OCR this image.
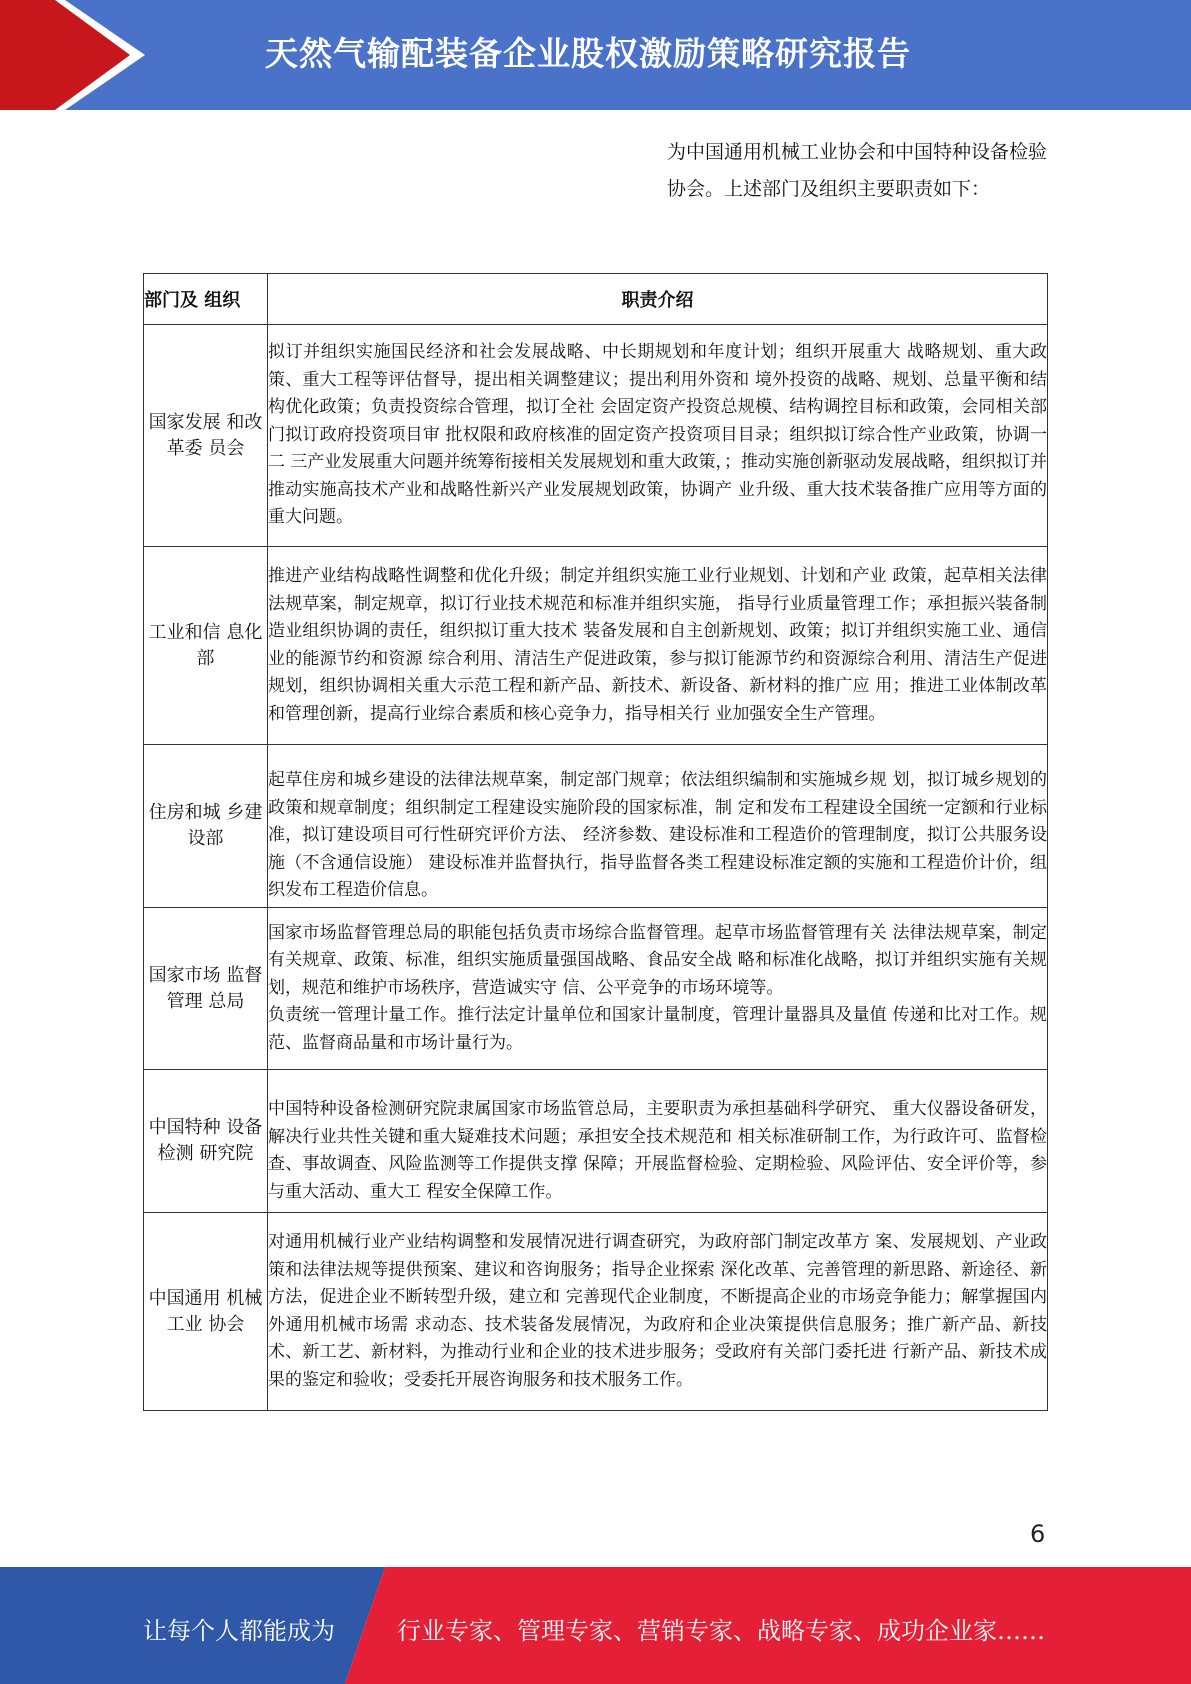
天然气输配装备企业股权激励策略研究报告
为中国通用机械工业协会和中国特种设备检验协会。上述部门及组织主要职责如下：
部门及 组织	职责介绍
国家发展 和改革委 员会	拟订并组织实施国民经济和社会发展战略、中长期规划和年度计划；组织开展重大 战略规划、重大政策、重大工程等评估督导，提出相关调整建议；提出利用外资和 境外投资的战略、规划、总量平衡和结构优化政策；负责投资综合管理，拟订全社 会固定资产投资总规模、结构调控目标和政策，会同相关部门拟订政府投资项目审 批权限和政府核准的固定资产投资项目目录；组织拟订综合性产业政策，协调一二 三产业发展重大问题并统筹衔接相关发展规划和重大政策，；推动实施创新驱动发展战略，组织拟订并推动实施高技术产业和战略性新兴产业发展规划政策，协调产 业升级、重大技术装备推广应用等方面的重大问题。

工业和信 息化部	推进产业结构战略性调整和优化升级；制定并组织实施工业行业规划、计划和产业 政策，起草相关法律法规草案，制定规章，拟订行业技术规范和标准并组织实施， 指导行业质量管理工作；承担振兴装备制造业组织协调的责任，组织拟订重大技术 装备发展和自主创新规划、政策；拟订并组织实施工业、通信业的能源节约和资源 综合利用、清洁生产促进政策，参与拟订能源节约和资源综合利用、清洁生产促进 规划，组织协调相关重大示范工程和新产品、新技术、新设备、新材料的推广应 用；推进工业体制改革和管理创新，提高行业综合素质和核心竞争力，指导相关行 业加强安全生产管理。

住房和城 乡建设部	起草住房和城乡建设的法律法规草案，制定部门规章；依法组织编制和实施城乡规 划，拟订城乡规划的政策和规章制度；组织制定工程建设实施阶段的国家标准，制 定和发布工程建设全国统一定额和行业标准，拟订建设项目可行性研究评价方法、 经济参数、建设标准和工程造价的管理制度，拟订公共服务设施（不含通信设施） 建设标准并监督执行，指导监督各类工程建设标准定额的实施和工程造价计价，组 织发布工程造价信息。

国家市场 监督管理 总局	国家市场监督管理总局的职能包括负责市场综合监督管理。起草市场监督管理有关 法律法规草案，制定有关规章、政策、标准，组织实施质量强国战略、食品安全战 略和标准化战略，拟订并组织实施有关规划，规范和维护市场秩序，营造诚实守 信、公平竞争的市场环境等。

负责统一管理计量工作。推行法定计量单位和国家计量制度，管理计量器具及量值 传递和比对工作。规范、监督商品量和市场计量行为。

中国特种 设备检测 研究院	中国特种设备检测研究院隶属国家市场监管总局，主要职责为承担基础科学研究、 重大仪器设备研发，解决行业共性关键和重大疑难技术问题；承担安全技术规范和 相关标准研制工作，为行政许可、监督检查、事故调查、风险监测等工作提供支撑 保障；开展监督检验、定期检验、风险评估、安全评价等，参与重大活动、重大工 程安全保障工作。

中国通用 机械工业 协会	对通用机械行业产业结构调整和发展情况进行调查研究，为政府部门制定改革方 案、发展规划、产业政策和法律法规等提供预案、建议和咨询服务；指导企业探索 深化改革、完善管理的新思路、新途径、新方法，促进企业不断转型升级，建立和 完善现代企业制度，不断提高企业的市场竞争能力；解掌握国内外通用机械市场需 求动态、技术装备发展情况，为政府和企业决策提供信息服务；推广新产品、新技 术、新工艺、新材料，为推动行业和企业的技术进步服务；受政府有关部门委托进 行新产品、新技术成果的鉴定和验收；受委托开展咨询服务和技术服务工作。

6
让每个人都能成为	行业专家、管理专家、营销专家、战略专家、成功企业家……
